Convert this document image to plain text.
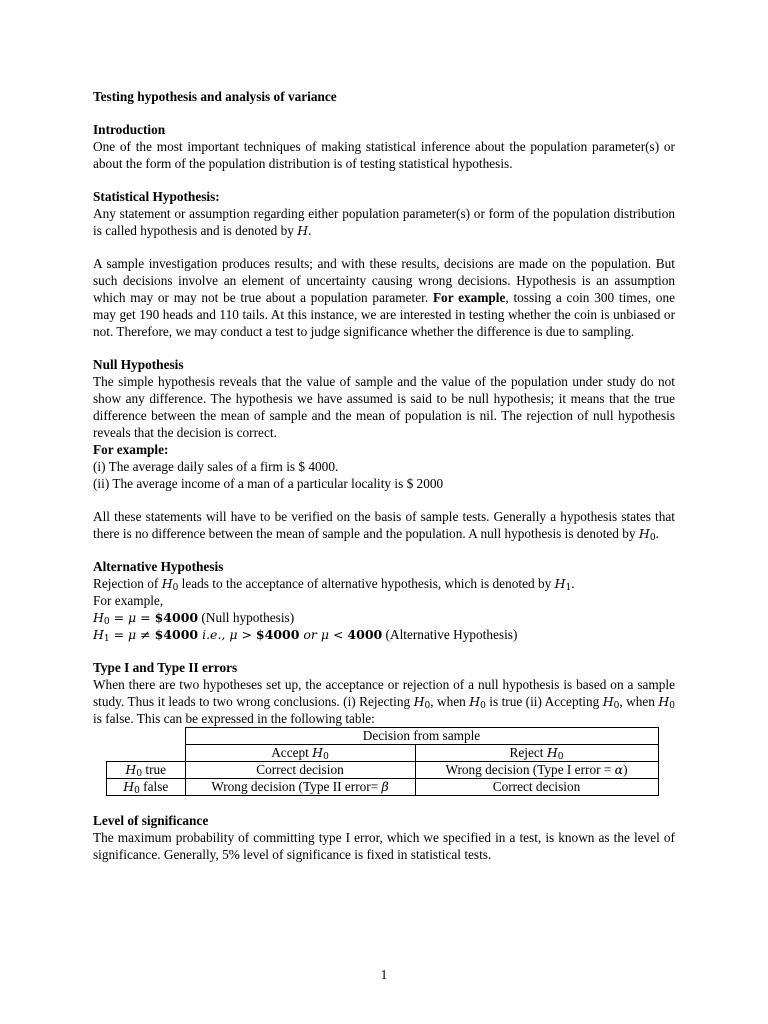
Testing hypothesis and analysis of variance

Introduction

One of the most important techniques of making statistical inference about the population parameter(s) or about the form of the population distribution is of testing statistical hypothesis.

Statistical Hypothesis:

Any statement or assumption regarding either population parameter(s) or form of the population distribution is called hypothesis and is denoted by H.

A sample investigation produces results; and with these results, decisions are made on the population. But such decisions involve an element of uncertainty causing wrong decisions. Hypothesis is an assumption which may or may not be true about a population parameter. For example, tossing a coin 300 times, one may get 190 heads and 110 tails. At this instance, we are interested in testing whether the coin is unbiased or not. Therefore, we may conduct a test to judge significance whether the difference is due to sampling.

Null Hypothesis

The simple hypothesis reveals that the value of sample and the value of the population under study do not show any difference. The hypothesis we have assumed is said to be null hypothesis; it means that the true difference between the mean of sample and the mean of population is nil. The rejection of null hypothesis reveals that the decision is correct.

For example:

(i) The average daily sales of a firm is $ 4000.

(ii) The average income of a man of a particular locality is $ 2000

All these statements will have to be verified on the basis of sample tests. Generally a hypothesis states that there is no difference between the mean of sample and the population. A null hypothesis is denoted by $H_0$.

Alternative Hypothesis

Rejection of $H_0$ leads to the acceptance of alternative hypothesis, which is denoted by $H_1$.

For example,

$H_0 = \mu$ = $4000 (Null hypothesis)

$H_1 = \mu$ ≠ $4000 i.e., μ > $4000 or μ < 4000 (Alternative Hypothesis)

Type I and Type II errors

When there are two hypotheses set up, the acceptance or rejection of a null hypothesis is based on a sample study. Thus it leads to two wrong conclusions. (i) Rejecting $H_0$, when $H_0$ is true (ii) Accepting $H_0$, when $H_0$ is false. This can be expressed in the following table:

	Decision from sample	
	Accept $H_0$	Reject $H_0$
$H_0$ true	Correct decision	Wrong decision (Type I error = α)
$H_0$ false	Wrong decision (Type II error= β	Correct decision

Level of significance

The maximum probability of committing type I error, which we specified in a test, is known as the level of significance. Generally, 5% level of significance is fixed in statistical tests.

1
